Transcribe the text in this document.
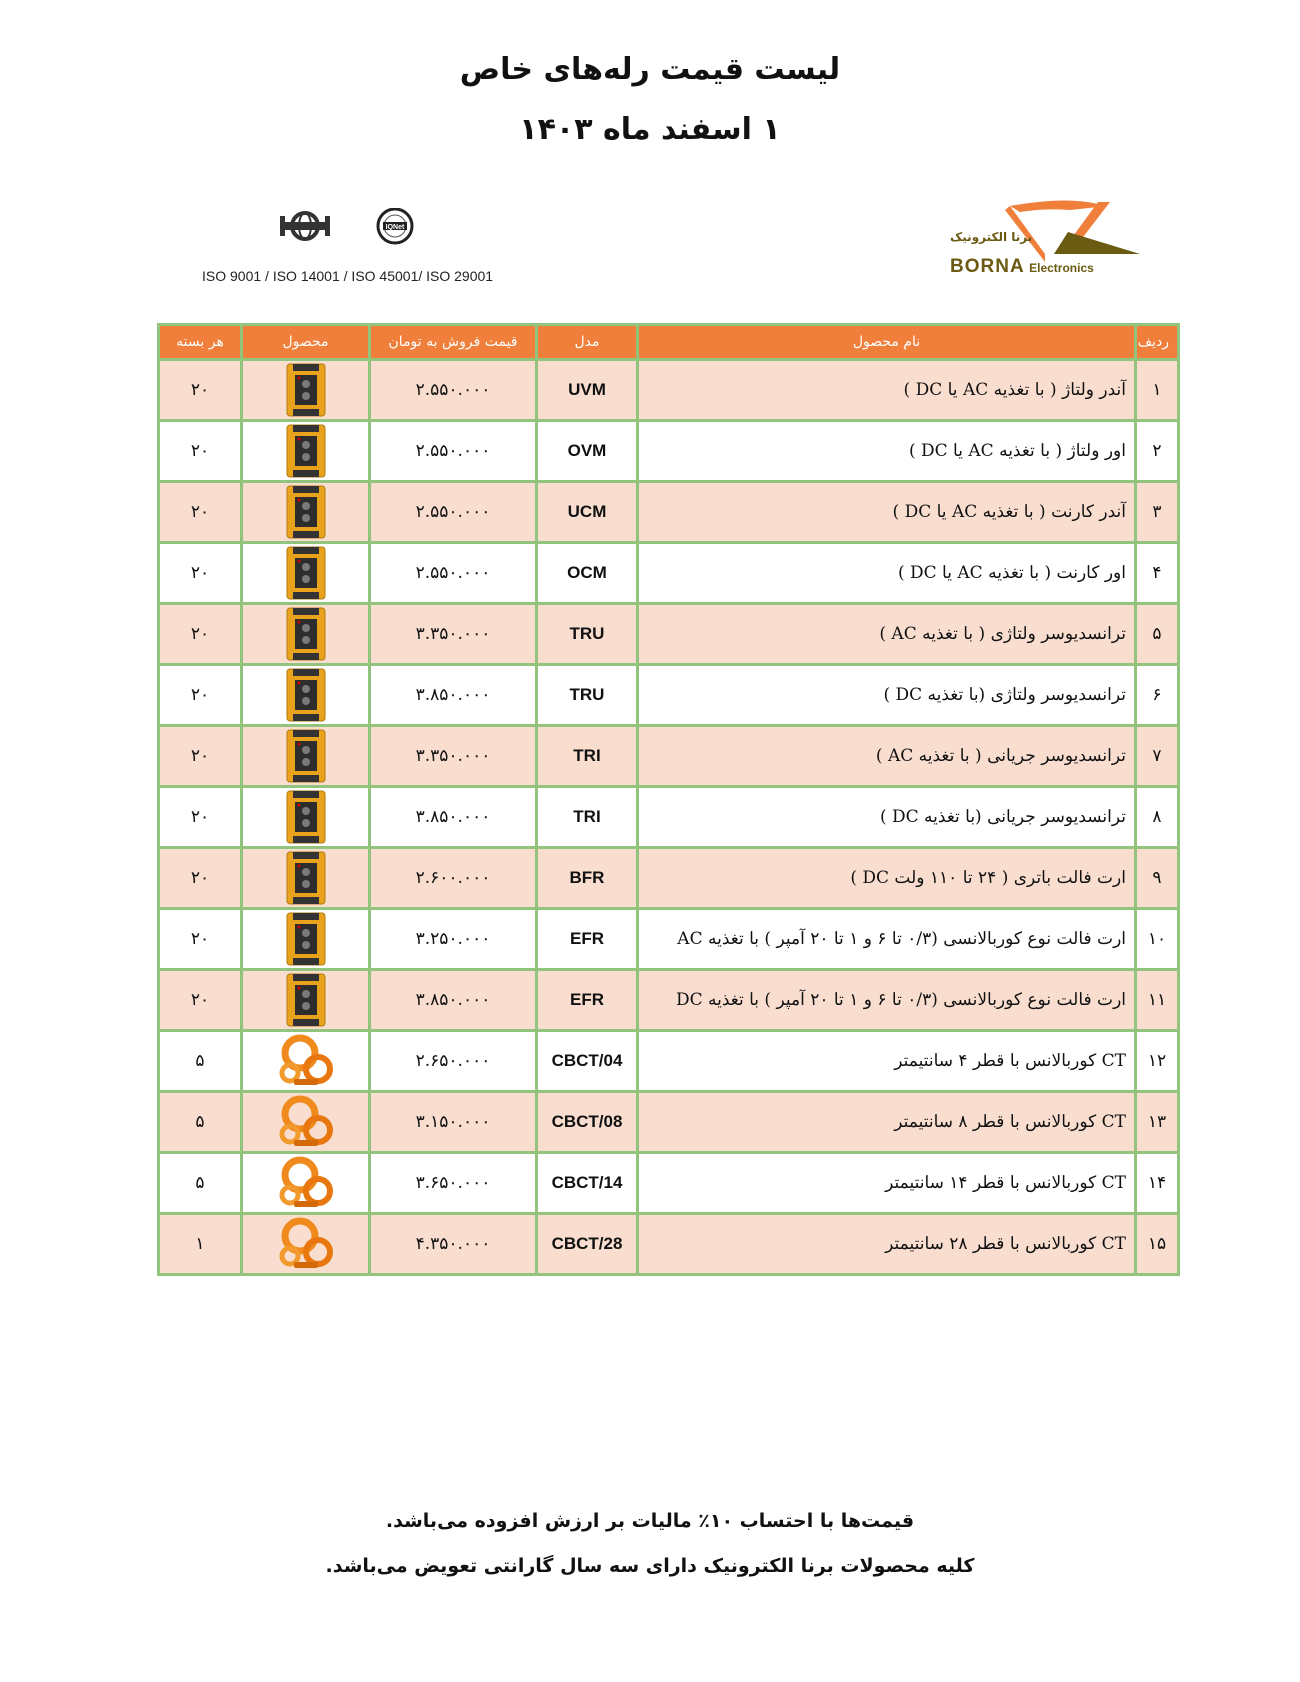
لیست قیمت رله‌های خاص
۱ اسفند ماه ۱۴۰۳
IQNet
ISO 9001 / ISO 14001 / ISO 45001/ ISO 29001
برنا الکترونیک
BORNA Electronics
ردیف	نام محصول	مدل	قیمت فروش به تومان	محصول	هر بسته
۱	آندر ولتاژ ( با تغذیه AC یا DC )	UVM	۲.۵۵۰.۰۰۰		۲۰
۲	اور ولتاژ ( با تغذیه AC یا DC )	OVM	۲.۵۵۰.۰۰۰		۲۰
۳	آندر کارنت ( با تغذیه AC یا DC )	UCM	۲.۵۵۰.۰۰۰		۲۰
۴	اور کارنت ( با تغذیه AC یا DC )	OCM	۲.۵۵۰.۰۰۰		۲۰
۵	ترانسدیوسر ولتاژی ( با تغذیه AC )	TRU	۳.۳۵۰.۰۰۰		۲۰
۶	ترانسدیوسر ولتاژی (با تغذیه DC )	TRU	۳.۸۵۰.۰۰۰		۲۰
۷	ترانسدیوسر جریانی ( با تغذیه AC )	TRI	۳.۳۵۰.۰۰۰		۲۰
۸	ترانسدیوسر جریانی (با تغذیه DC )	TRI	۳.۸۵۰.۰۰۰		۲۰
۹	ارت فالت باتری ( ۲۴ تا ۱۱۰ ولت DC )	BFR	۲.۶۰۰.۰۰۰		۲۰
۱۰	ارت فالت نوع کوربالانسی (۰/۳ تا ۶ و ۱ تا ۲۰ آمپر ) با تغذیه AC	EFR	۳.۲۵۰.۰۰۰		۲۰
۱۱	ارت فالت نوع کوربالانسی (۰/۳ تا ۶ و ۱ تا ۲۰ آمپر ) با تغذیه DC	EFR	۳.۸۵۰.۰۰۰		۲۰
۱۲	CT کوربالانس با قطر ۴ سانتیمتر	CBCT/04	۲.۶۵۰.۰۰۰		۵
۱۳	CT کوربالانس با قطر ۸ سانتیمتر	CBCT/08	۳.۱۵۰.۰۰۰		۵
۱۴	CT کوربالانس با قطر ۱۴ سانتیمتر	CBCT/14	۳.۶۵۰.۰۰۰		۵
۱۵	CT کوربالانس با قطر ۲۸ سانتیمتر	CBCT/28	۴.۳۵۰.۰۰۰		۱
قیمت‌ها با احتساب ۱۰٪ مالیات بر ارزش افزوده می‌باشد.
کلیه محصولات برنا الکترونیک دارای سه سال گارانتی تعویض می‌باشد.
